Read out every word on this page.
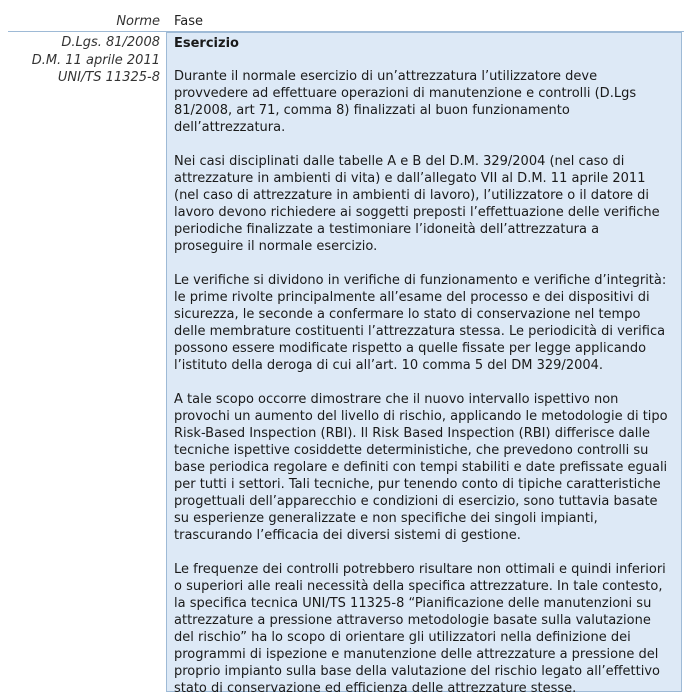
Norme Fase
D.Lgs. 81/2008
D.M. 11 aprile 2011
UNI/TS 11325-8
Esercizio

Durante il normale esercizio di un’attrezzatura l’utilizzatore deve provvedere ad effettuare operazioni di manutenzione e controlli (D.Lgs 81/2008, art 71, comma 8) finalizzati al buon funzionamento dell’attrezzatura.

Nei casi disciplinati dalle tabelle A e B del D.M. 329/2004 (nel caso di attrezzature in ambienti di vita) e dall’allegato VII al D.M. 11 aprile 2011 (nel caso di attrezzature in ambienti di lavoro), l’utilizzatore o il datore di lavoro devono richiedere ai soggetti preposti l’effettuazione delle verifiche periodiche finalizzate a testimoniare l’idoneità dell’attrezzatura a proseguire il normale esercizio.

Le verifiche si dividono in verifiche di funzionamento e verifiche d’integrità: le prime rivolte principalmente all’esame del processo e dei dispositivi di sicurezza, le seconde a confermare lo stato di conservazione nel tempo delle membrature costituenti l’attrezzatura stessa. Le periodicità di verifica possono essere modificate rispetto a quelle fissate per legge applicando l’istituto della deroga di cui all’art. 10 comma 5 del DM 329/2004.

A tale scopo occorre dimostrare che il nuovo intervallo ispettivo non provochi un aumento del livello di rischio, applicando le metodologie di tipo Risk-Based Inspection (RBI). Il Risk Based Inspection (RBI) differisce dalle tecniche ispettive cosiddette deterministiche, che prevedono controlli su base periodica regolare e definiti con tempi stabiliti e date prefissate eguali per tutti i settori. Tali tecniche, pur tenendo conto di tipiche caratteristiche progettuali dell’apparecchio e condizioni di esercizio, sono tuttavia basate su esperienze generalizzate e non specifiche dei singoli impianti, trascurando l’efficacia dei diversi sistemi di gestione.

Le frequenze dei controlli potrebbero risultare non ottimali e quindi inferiori o superiori alle reali necessità della specifica attrezzature. In tale contesto, la specifica tecnica UNI/TS 11325-8 “Pianificazione delle manutenzioni su attrezzature a pressione attraverso metodologie basate sulla valutazione del rischio” ha lo scopo di orientare gli utilizzatori nella definizione dei programmi di ispezione e manutenzione delle attrezzature a pressione del proprio impianto sulla base della valutazione del rischio legato all’effettivo stato di conservazione ed efficienza delle attrezzature stesse.
